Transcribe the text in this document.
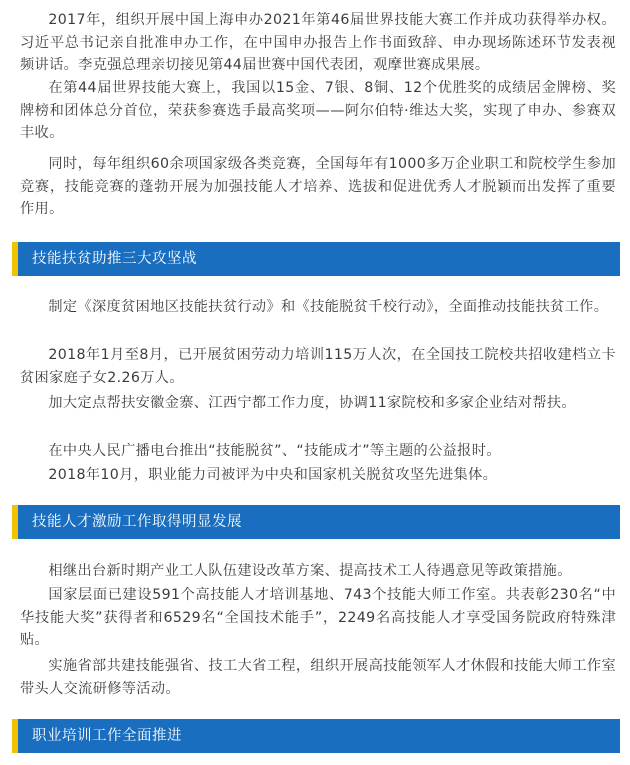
2017年，组织开展中国上海申办2021年第46届世界技能大赛工作并成功获得举办权。习近平总书记亲自批准申办工作，在中国申办报告上作书面致辞、申办现场陈述环节发表视频讲话。李克强总理亲切接见第44届世赛中国代表团，观摩世赛成果展。

在第44届世界技能大赛上，我国以15金、7银、8铜、12个优胜奖的成绩居金牌榜、奖牌榜和团体总分首位，荣获参赛选手最高奖项——阿尔伯特·维达大奖，实现了申办、参赛双丰收。

同时，每年组织60余项国家级各类竞赛，全国每年有1000多万企业职工和院校学生参加竞赛，技能竞赛的蓬勃开展为加强技能人才培养、选拔和促进优秀人才脱颖而出发挥了重要作用。

技能扶贫助推三大攻坚战

制定《深度贫困地区技能扶贫行动》和《技能脱贫千校行动》，全面推动技能扶贫工作。

2018年1月至8月，已开展贫困劳动力培训115万人次，在全国技工院校共招收建档立卡贫困家庭子女2.26万人。

加大定点帮扶安徽金寨、江西宁都工作力度，协调11家院校和多家企业结对帮扶。

在中央人民广播电台推出“技能脱贫”、“技能成才”等主题的公益报时。

2018年10月，职业能力司被评为中央和国家机关脱贫攻坚先进集体。

技能人才激励工作取得明显发展

相继出台新时期产业工人队伍建设改革方案、提高技术工人待遇意见等政策措施。

国家层面已建设591个高技能人才培训基地、743个技能大师工作室。共表彰230名“中华技能大奖”获得者和6529名“全国技术能手”，2249名高技能人才享受国务院政府特殊津贴。

实施省部共建技能强省、技工大省工程，组织开展高技能领军人才休假和技能大师工作室带头人交流研修等活动。

职业培训工作全面推进
